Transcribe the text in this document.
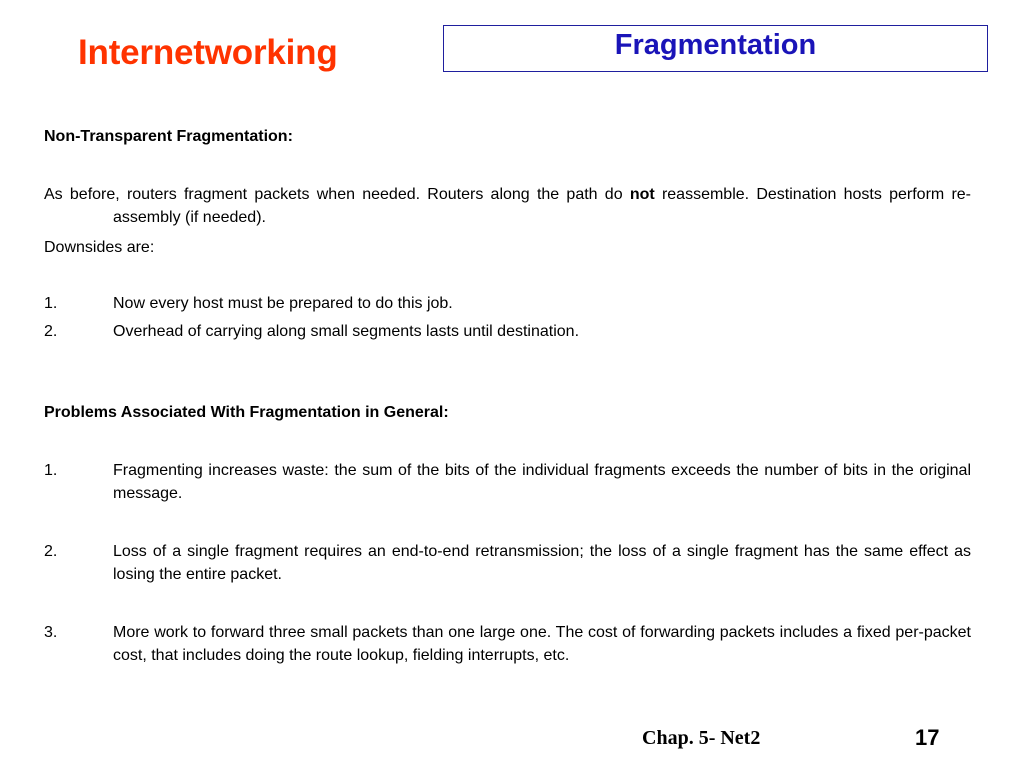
Internetworking	Fragmentation

Non-Transparent Fragmentation:

As before, routers fragment packets when needed. Routers along the path do not reassemble. Destination hosts perform re-assembly (if needed).

Downsides are:

1.	Now every host must be prepared to do this job.
2.	Overhead of carrying along small segments lasts until destination.

Problems Associated With Fragmentation in General:

1.	Fragmenting increases waste: the sum of the bits of the individual fragments exceeds the number of bits in the original message.
2.	Loss of a single fragment requires an end-to-end retransmission; the loss of a single fragment has the same effect as losing the entire packet.
3.	More work to forward three small packets than one large one. The cost of forwarding packets includes a fixed per-packet cost, that includes doing the route lookup, fielding interrupts, etc.
Chap. 5- Net2	17
